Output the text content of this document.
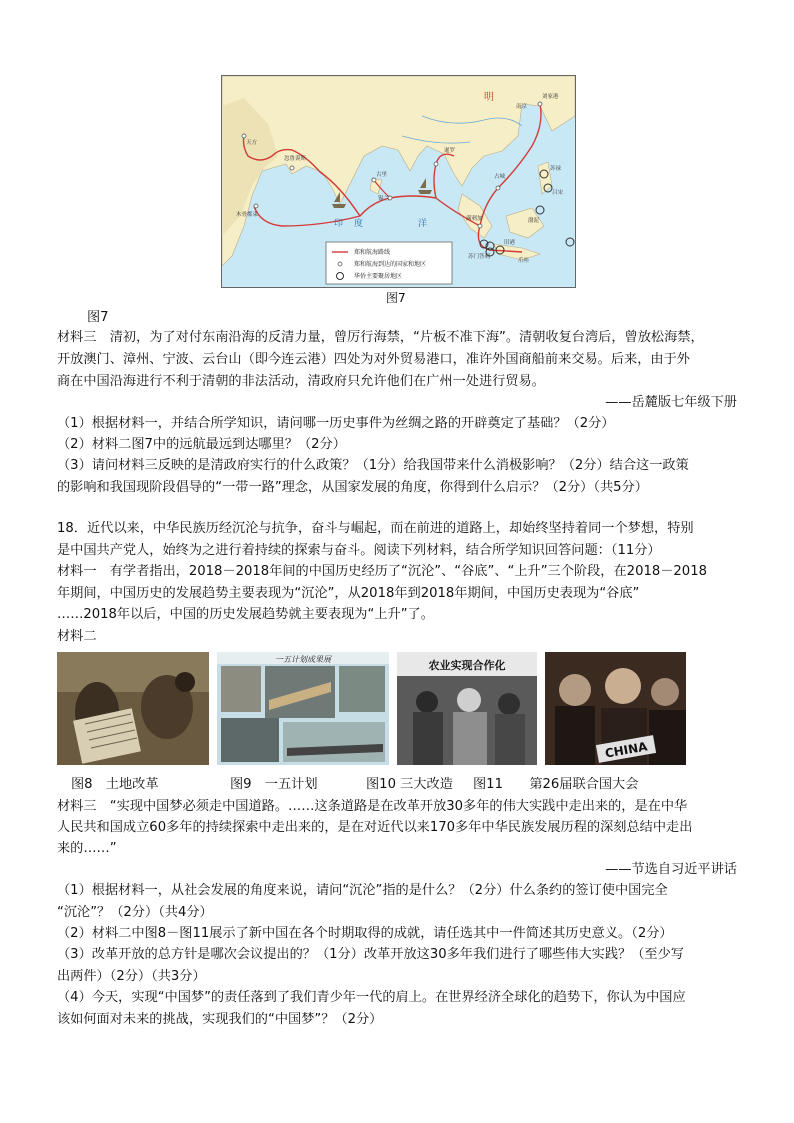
明
印 度	洋
南京
刘家港
天方
木骨都束
古里
满剌加
旧港
占城
苏禄
渤泥
爪哇
苏门答剌
暹罗
吕宋
锡兰
忽鲁谟斯
郑和航海路线
郑和航海到达的国家和地区
华侨主要聚居地区
图7
图7
材料三　清初，为了对付东南沿海的反清力量，曾厉行海禁，“片板不准下海”。清朝收复台湾后，曾放松海禁，
开放澳门、漳州、宁波、云台山（即今连云港）四处为对外贸易港口，准许外国商船前来交易。后来，由于外
商在中国沿海进行不利于清朝的非法活动，清政府只允许他们在广州一处进行贸易。
——岳麓版七年级下册
（1）根据材料一，并结合所学知识，请问哪一历史事件为丝绸之路的开辟奠定了基础？（2分）
（2）材料二图7中的远航最远到达哪里？（2分）
（3）请问材料三反映的是清政府实行的什么政策？（1分）给我国带来什么消极影响？（2分）结合这一政策
的影响和我国现阶段倡导的“一带一路”理念，从国家发展的角度，你得到什么启示？（2分）（共5分）
18．近代以来，中华民族历经沉沦与抗争，奋斗与崛起，而在前进的道路上，却始终坚持着同一个梦想，特别
是中国共产党人，始终为之进行着持续的探索与奋斗。阅读下列材料，结合所学知识回答问题：（11分）
材料一　有学者指出，2018－2018年间的中国历史经历了“沉沦”、“谷底”、“上升”三个阶段，在2018－2018
年期间，中国历史的发展趋势主要表现为“沉沦”，从2018年到2018年期间，中国历史表现为“谷底”
……2018年以后，中国的历史发展趋势就主要表现为“上升”了。
材料二
一五计划成果展	农业实现合作化
CHINA
图8　土地改革	图9　一五计划	图10 三大改造 图11　　第26届联合国大会
材料三　“实现中国梦必须走中国道路。……这条道路是在改革开放30多年的伟大实践中走出来的，是在中华
人民共和国成立60多年的持续探索中走出来的，是在对近代以来170多年中华民族发展历程的深刻总结中走出
来的……”
——节选自习近平讲话
（1）根据材料一，从社会发展的角度来说，请问“沉沦”指的是什么？（2分）什么条约的签订使中国完全
“沉沦”？（2分）（共4分）
（2）材料二中图8－图11展示了新中国在各个时期取得的成就，请任选其中一件简述其历史意义。（2分）
（3）改革开放的总方针是哪次会议提出的？（1分）改革开放这30多年我们进行了哪些伟大实践？（至少写
出两件）（2分）（共3分）
（4）今天，实现“中国梦”的责任落到了我们青少年一代的肩上。在世界经济全球化的趋势下，你认为中国应
该如何面对未来的挑战，实现我们的“中国梦”？（2分）
